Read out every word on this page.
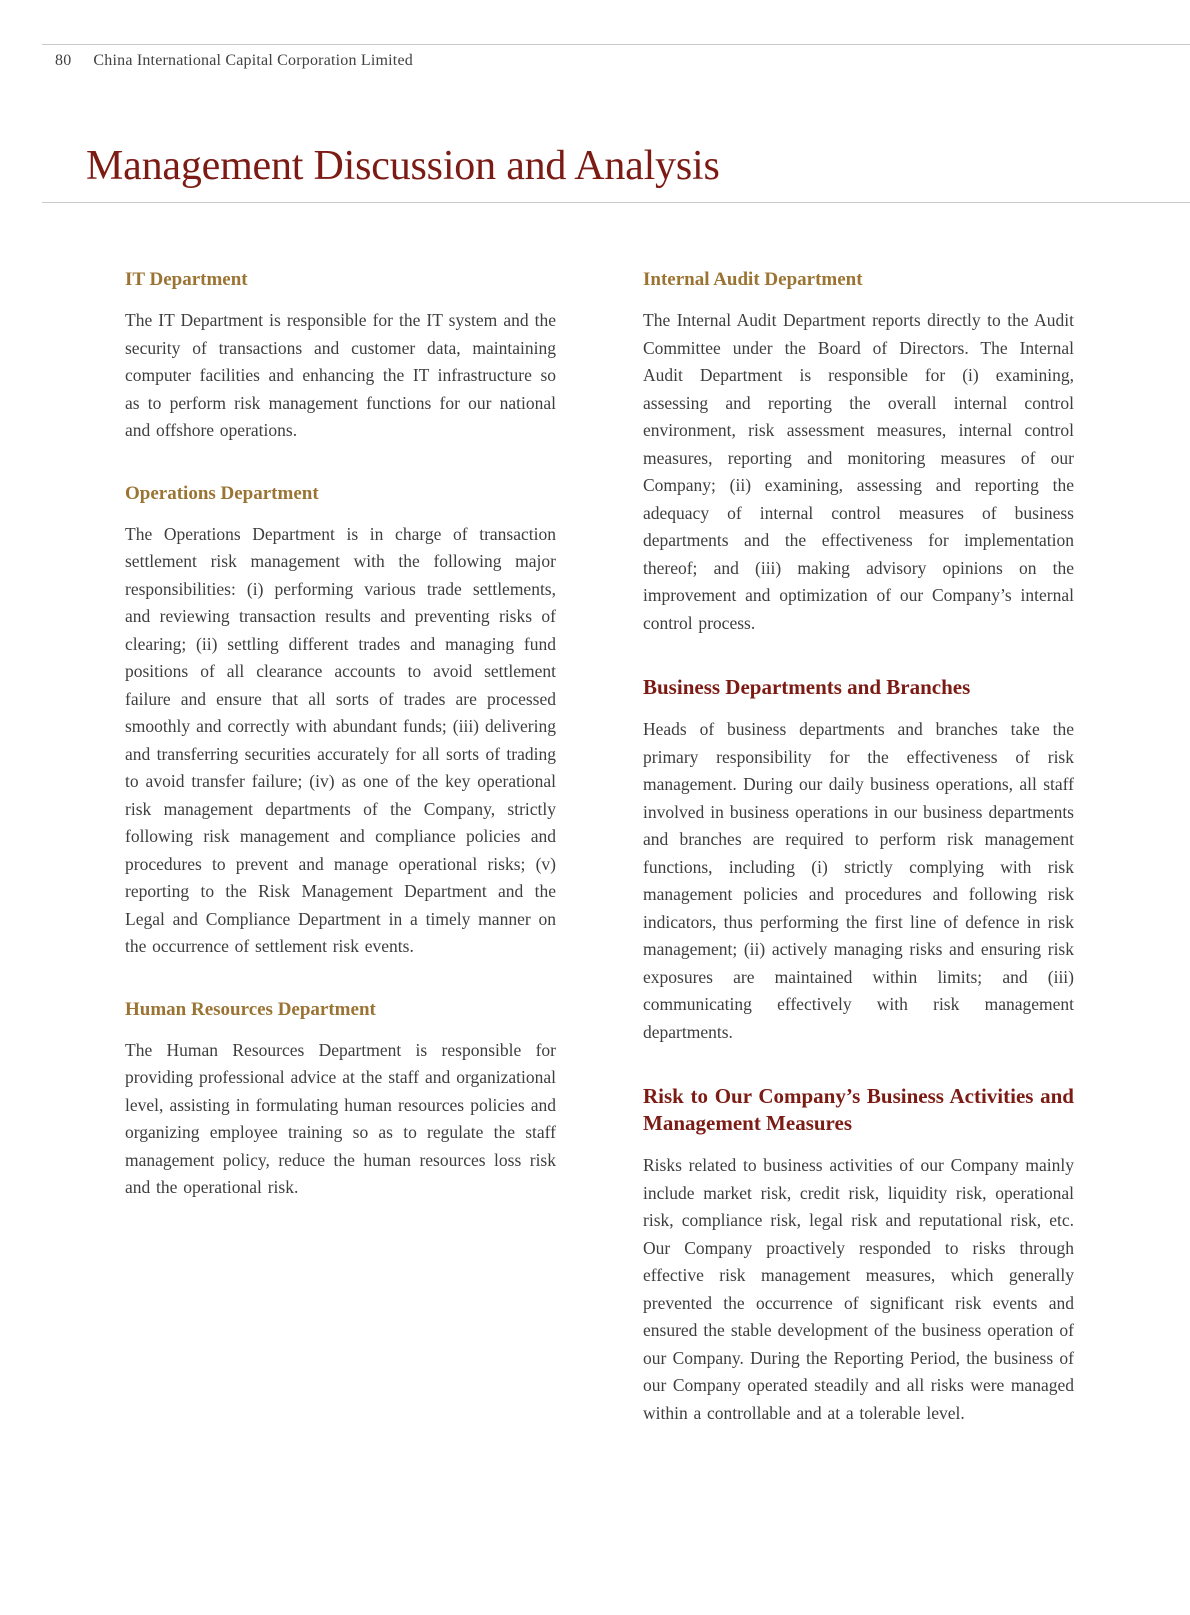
80 China International Capital Corporation Limited
Management Discussion and Analysis
IT Department

The IT Department is responsible for the IT system and the security of transactions and customer data, maintaining computer facilities and enhancing the IT infrastructure so as to perform risk management functions for our national and offshore operations.

Operations Department

The Operations Department is in charge of transaction settlement risk management with the following major responsibilities: (i) performing various trade settlements, and reviewing transaction results and preventing risks of clearing; (ii) settling different trades and managing fund positions of all clearance accounts to avoid settlement failure and ensure that all sorts of trades are processed smoothly and correctly with abundant funds; (iii) delivering and transferring securities accurately for all sorts of trading to avoid transfer failure; (iv) as one of the key operational risk management departments of the Company, strictly following risk management and compliance policies and procedures to prevent and manage operational risks; (v) reporting to the Risk Management Department and the Legal and Compliance Department in a timely manner on the occurrence of settlement risk events.

Human Resources Department

The Human Resources Department is responsible for providing professional advice at the staff and organizational level, assisting in formulating human resources policies and organizing employee training so as to regulate the staff management policy, reduce the human resources loss risk and the operational risk.

Internal Audit Department

The Internal Audit Department reports directly to the Audit Committee under the Board of Directors. The Internal Audit Department is responsible for (i) examining, assessing and reporting the overall internal control environment, risk assessment measures, internal control measures, reporting and monitoring measures of our Company; (ii) examining, assessing and reporting the adequacy of internal control measures of business departments and the effectiveness for implementation thereof; and (iii) making advisory opinions on the improvement and optimization of our Company’s internal control process.

Business Departments and Branches

Heads of business departments and branches take the primary responsibility for the effectiveness of risk management. During our daily business operations, all staff involved in business operations in our business departments and branches are required to perform risk management functions, including (i) strictly complying with risk management policies and procedures and following risk indicators, thus performing the first line of defence in risk management; (ii) actively managing risks and ensuring risk exposures are maintained within limits; and (iii) communicating effectively with risk management departments.

Risk to Our Company’s Business Activities and Management Measures

Risks related to business activities of our Company mainly include market risk, credit risk, liquidity risk, operational risk, compliance risk, legal risk and reputational risk, etc. Our Company proactively responded to risks through effective risk management measures, which generally prevented the occurrence of significant risk events and ensured the stable development of the business operation of our Company. During the Reporting Period, the business of our Company operated steadily and all risks were managed within a controllable and at a tolerable level.
